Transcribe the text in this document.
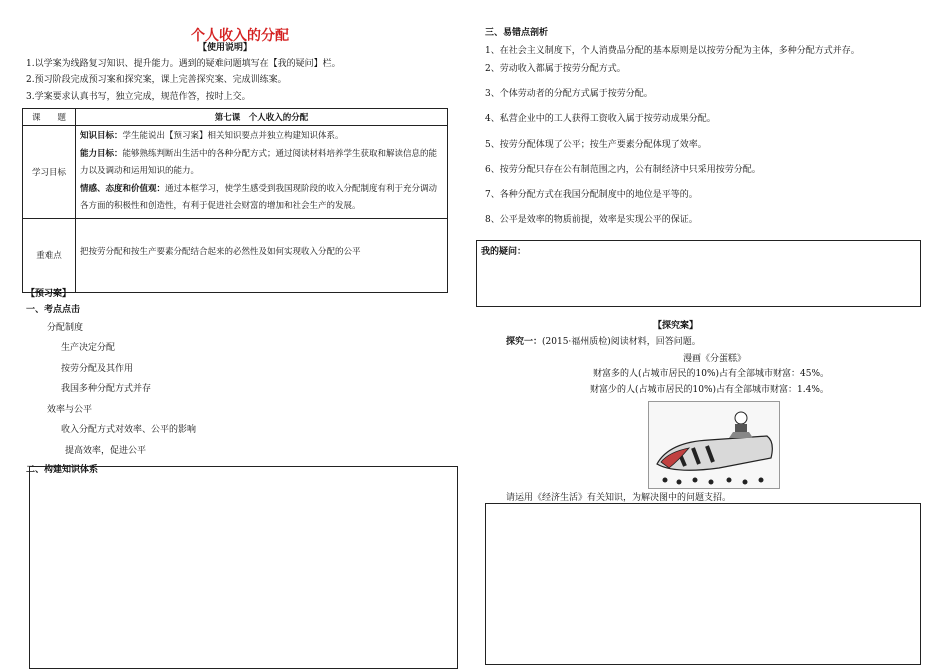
个人收入的分配
【使用说明】
1.以学案为线路复习知识、提升能力。遇到的疑难问题填写在【我的疑问】栏。
2.预习阶段完成预习案和探究案，课上完善探究案、完成训练案。
3.学案要求认真书写，独立完成，规范作答，按时上交。
课　　题	第七课　个人收入的分配
学习目标	知识目标：学生能说出【预习案】相关知识要点并独立构建知识体系。
能力目标：能够熟练判断出生活中的各种分配方式；通过阅读材料培养学生获取和解读信息的能力以及调动和运用知识的能力。
情感、态度和价值观：通过本框学习，使学生感受到我国现阶段的收入分配制度有利于充分调动各方面的积极性和创造性，有利于促进社会财富的增加和社会生产的发展。
重难点	把按劳分配和按生产要素分配结合起来的必然性及如何实现收入分配的公平
【预习案】
一、考点点击
分配制度
生产决定分配
按劳分配及其作用
我国多种分配方式并存
效率与公平
收入分配方式对效率、公平的影响
提高效率，促进公平
二、构建知识体系
三、易错点剖析
1、在社会主义制度下，个人消费品分配的基本原则是以按劳分配为主体，多种分配方式并存。
2、劳动收入都属于按劳分配方式。
3、个体劳动者的分配方式属于按劳分配。
4、私营企业中的工人获得工资收入属于按劳动成果分配。
5、按劳分配体现了公平；按生产要素分配体现了效率。
6、按劳分配只存在公有制范围之内，公有制经济中只采用按劳分配。
7、各种分配方式在我国分配制度中的地位是平等的。
8、公平是效率的物质前提，效率是实现公平的保证。
我的疑问：
【探究案】
探究一：(2015·福州质检)阅读材料，回答问题。
漫画《分蛋糕》
财富多的人(占城市居民的10%)占有全部城市财富：45%。
财富少的人(占城市居民的10%)占有全部城市财富：1.4%。
请运用《经济生活》有关知识，为解决图中的问题支招。
